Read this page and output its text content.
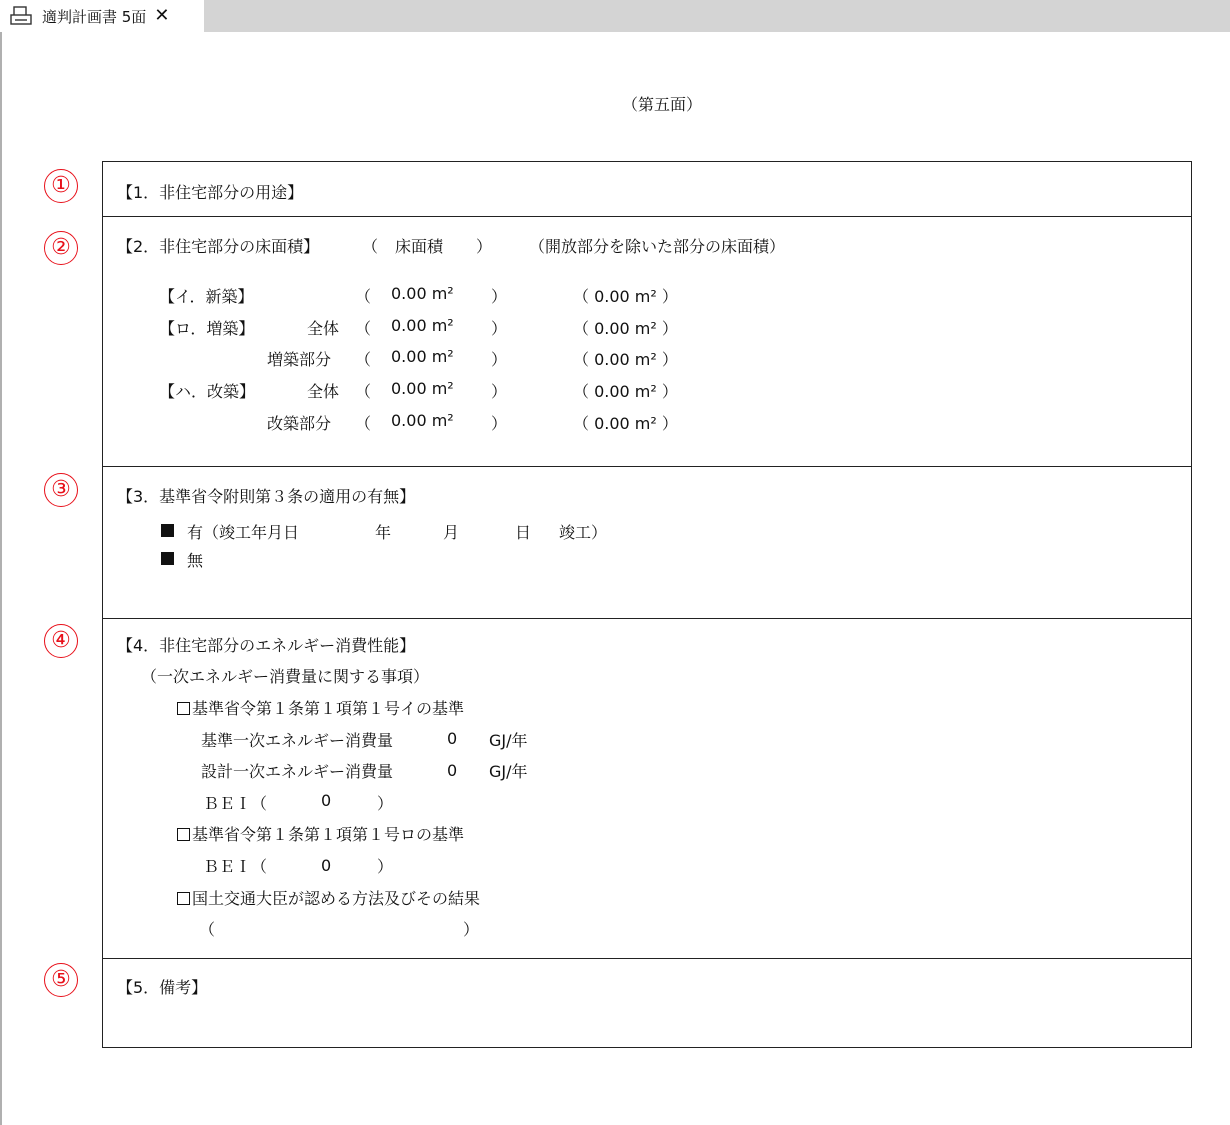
適判計画書 5面 ✕
（第五面）
①
②
③
④
⑤
【1．非住宅部分の用途】
【2．非住宅部分の床面積】	（ 床面積 ） （開放部分を除いた部分の床面積）
【イ．新築】	（ 0.00 m² ）	（ 0.00 m² ）
【ロ．増築】	全体 （ 0.00 m² ）	（ 0.00 m² ）
増築部分 （ 0.00 m² ）	（ 0.00 m² ）
【ハ．改築】	全体 （ 0.00 m² ）	（ 0.00 m² ）
改築部分 （ 0.00 m² ）	（ 0.00 m² ）
【3．基準省令附則第３条の適用の有無】
有（竣工年月日	年	月	日 竣工）
無
【4．非住宅部分のエネルギー消費性能】
（一次エネルギー消費量に関する事項）
基準省令第１条第１項第１号イの基準
基準一次エネルギー消費量	0 GJ/年
設計一次エネルギー消費量	0 GJ/年
ＢＥＩ（	0	）
基準省令第１条第１項第１号ロの基準
ＢＥＩ（	0	）
国土交通大臣が認める方法及びその結果
（	）
【5．備考】
